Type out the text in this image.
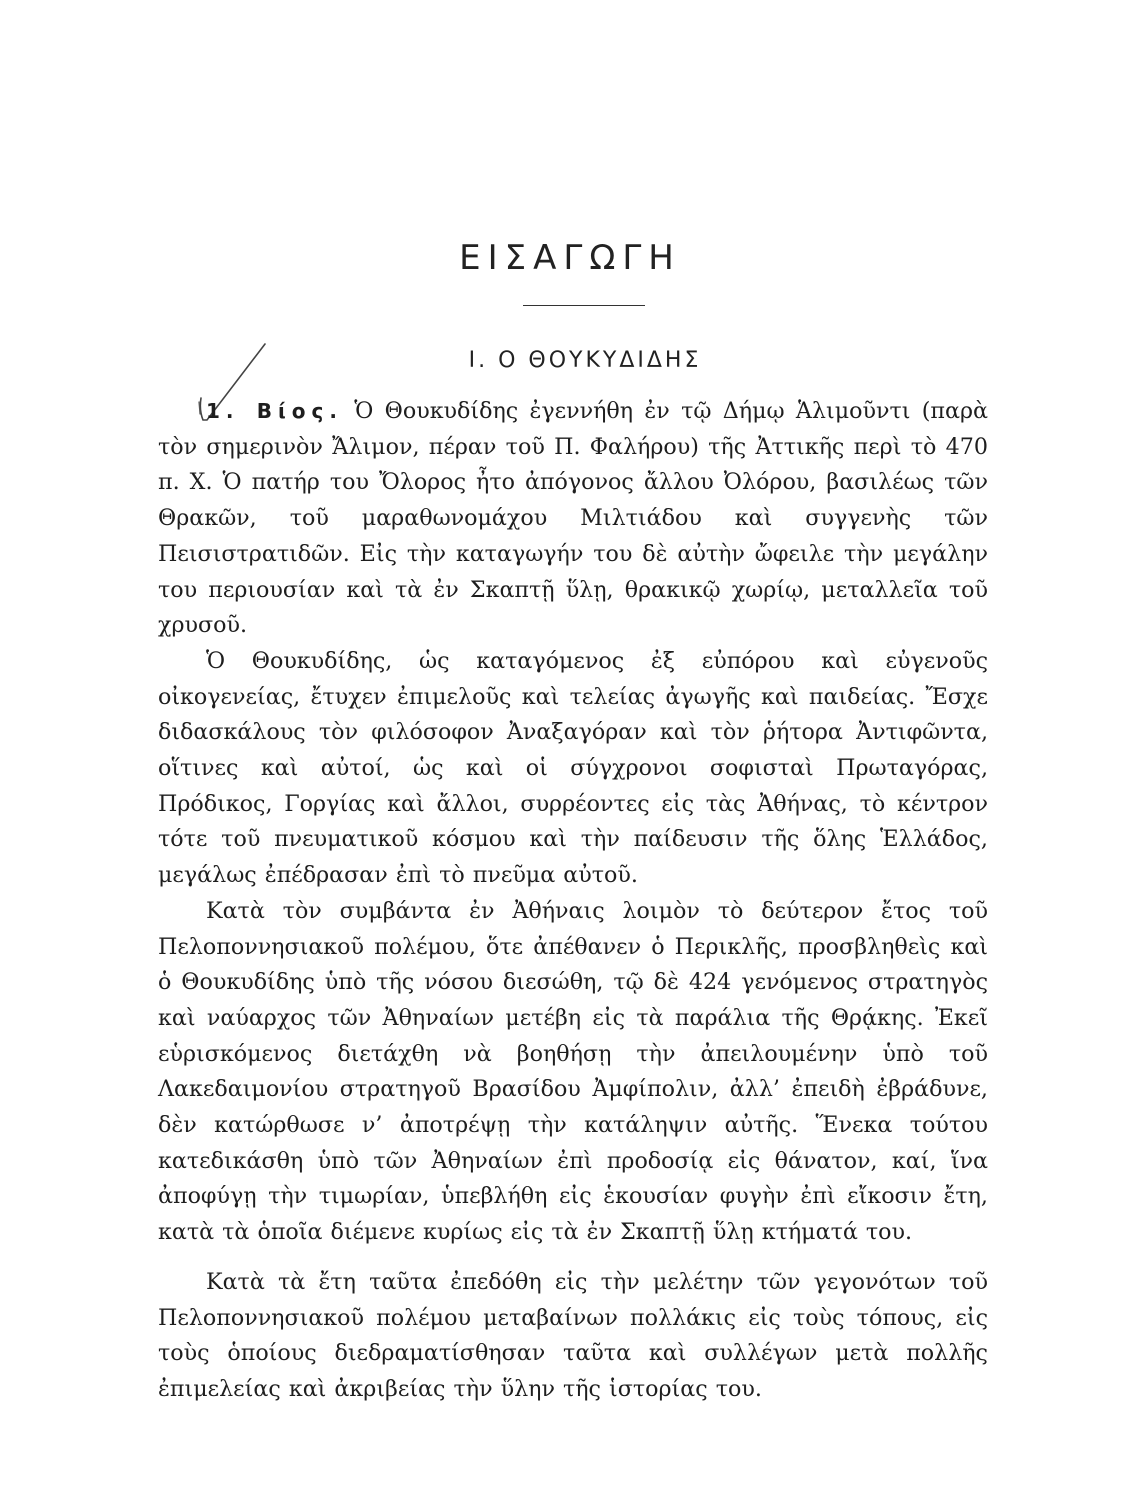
ΕΙΣΑΓΩΓΗ
Ι. Ο ΘΟΥΚΥΔΙΔΗΣ

1. Βίος. Ὁ Θουκυδίδης ἐγεννήθη ἐν τῷ Δήμῳ Ἁλιμοῦντι (παρὰ τὸν σημερινὸν Ἄλιμον, πέραν τοῦ Π. Φαλήρου) τῆς Ἀττικῆς περὶ τὸ 470 π. Χ. Ὁ πατήρ του Ὄλορος ἦτο ἀπόγονος ἄλλου Ὀλόρου, βασιλέως τῶν Θρακῶν, τοῦ μαραθωνομάχου Μιλτιάδου καὶ συγγενὴς τῶν Πεισιστρατιδῶν. Εἰς τὴν καταγωγήν του δὲ αὐτὴν ὤφειλε τὴν μεγάλην του περιουσίαν καὶ τὰ ἐν Σκαπτῇ ὕλῃ, θρακικῷ χωρίῳ, μεταλλεῖα τοῦ χρυσοῦ.

Ὁ Θουκυδίδης, ὡς καταγόμενος ἐξ εὐπόρου καὶ εὐγενοῦς οἰκογενείας, ἔτυχεν ἐπιμελοῦς καὶ τελείας ἀγωγῆς καὶ παιδείας. Ἔσχε διδασκάλους τὸν φιλόσοφον Ἀναξαγόραν καὶ τὸν ῥήτορα Ἀντιφῶντα, οἵτινες καὶ αὐτοί, ὡς καὶ οἱ σύγχρονοι σοφισταὶ Πρωταγόρας, Πρόδικος, Γοργίας καὶ ἄλλοι, συρρέοντες εἰς τὰς Ἀθήνας, τὸ κέντρον τότε τοῦ πνευματικοῦ κόσμου καὶ τὴν παίδευσιν τῆς ὅλης Ἑλλάδος, μεγάλως ἐπέδρασαν ἐπὶ τὸ πνεῦμα αὐτοῦ.

Κατὰ τὸν συμβάντα ἐν Ἀθήναις λοιμὸν τὸ δεύτερον ἔτος τοῦ Πελοποννησιακοῦ πολέμου, ὅτε ἀπέθανεν ὁ Περικλῆς, προσβληθεὶς καὶ ὁ Θουκυδίδης ὑπὸ τῆς νόσου διεσώθη, τῷ δὲ 424 γενόμενος στρατηγὸς καὶ ναύαρχος τῶν Ἀθηναίων μετέβη εἰς τὰ παράλια τῆς Θρᾴκης. Ἐκεῖ εὑρισκόμενος διετάχθη νὰ βοηθήσῃ τὴν ἀπειλουμένην ὑπὸ τοῦ Λακεδαιμονίου στρατηγοῦ Βρασίδου Ἀμφίπολιν, ἀλλ’ ἐπειδὴ ἐβράδυνε, δὲν κατώρθωσε ν’ ἀποτρέψῃ τὴν κατάληψιν αὐτῆς. Ἕνεκα τούτου κατεδικάσθη ὑπὸ τῶν Ἀθηναίων ἐπὶ προδοσίᾳ εἰς θάνατον, καί, ἵνα ἀποφύγῃ τὴν τιμωρίαν, ὑπεβλήθη εἰς ἑκουσίαν φυγὴν ἐπὶ εἴκοσιν ἔτη, κατὰ τὰ ὁποῖα διέμενε κυρίως εἰς τὰ ἐν Σκαπτῇ ὕλῃ κτήματά του.

Κατὰ τὰ ἔτη ταῦτα ἐπεδόθη εἰς τὴν μελέτην τῶν γεγονότων τοῦ Πελοποννησιακοῦ πολέμου μεταβαίνων πολλάκις εἰς τοὺς τόπους, εἰς τοὺς ὁποίους διεδραματίσθησαν ταῦτα καὶ συλλέγων μετὰ πολλῆς ἐπιμελείας καὶ ἀκριβείας τὴν ὕλην τῆς ἱστορίας του.
